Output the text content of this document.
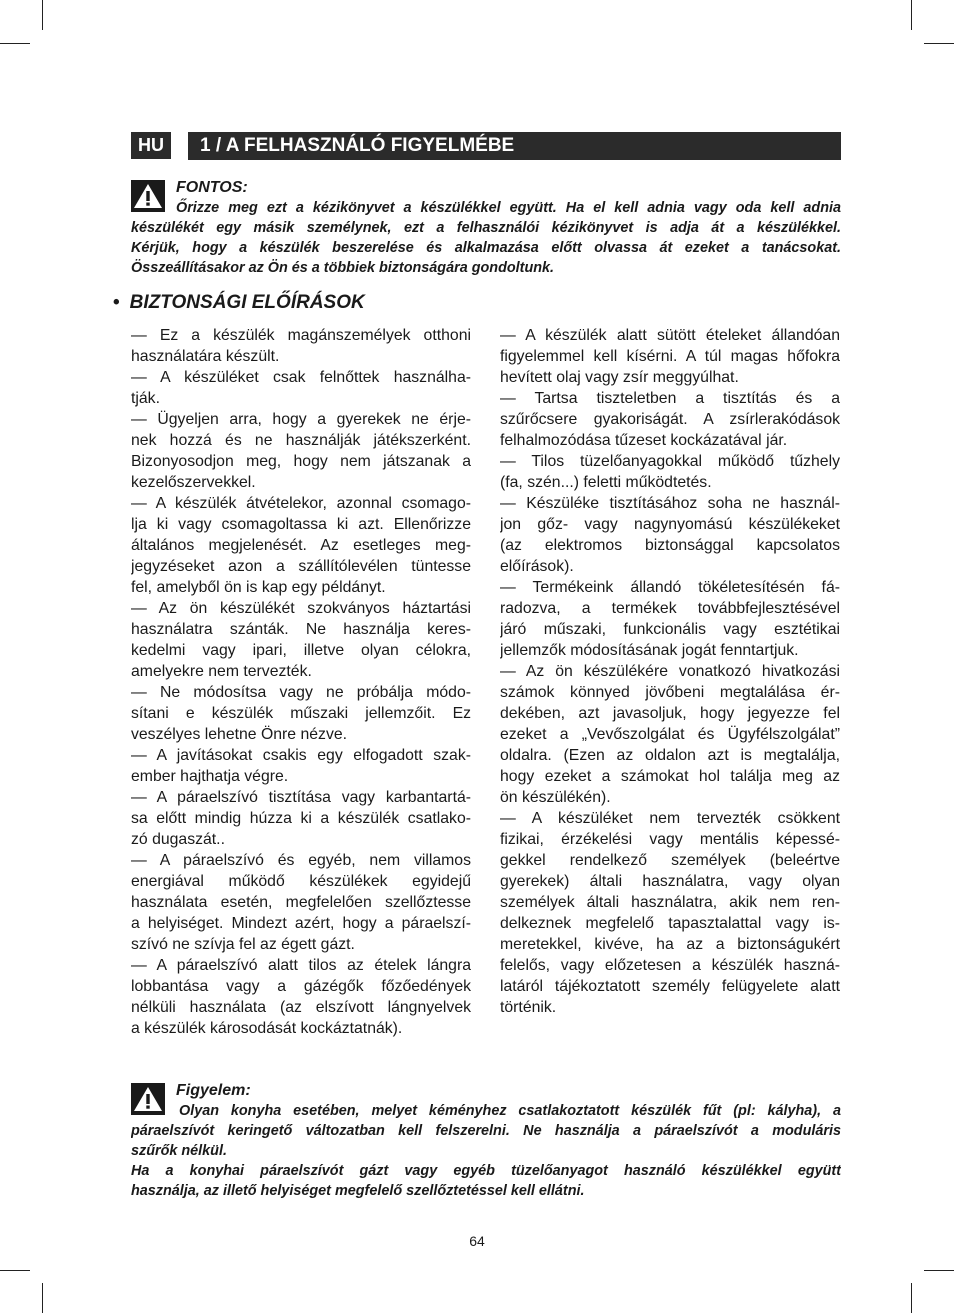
HU	1 / A FELHASZNÁLÓ FIGYELMÉBE
FONTOS:
Őrizze meg ezt a kézikönyvet a készülékkel együtt. Ha el kell adnia vagy oda kell adnia
készülékét egy másik személynek, ezt a felhasználói kézikönyvet is adja át a készülékkel.
Kérjük, hogy a készülék beszerelése és alkalmazása előtt olvassa át ezeket a tanácsokat.
Összeállításakor az Ön és a többiek biztonságára gondoltunk.
• BIZTONSÁGI ELŐÍRÁSOK
— Ez a készülék magánszemélyek otthoni
használatára készült.
— A készüléket csak felnőttek használha-
tják.
— Ügyeljen arra, hogy a gyerekek ne érje-
nek hozzá és ne használják játékszerként.
Bizonyosodjon meg, hogy nem játszanak a
kezelőszervekkel.
— A készülék átvételekor, azonnal csomago-
lja ki vagy csomagoltassa ki azt. Ellenőrizze
általános megjelenését. Az esetleges meg-
jegyzéseket azon a szállítólevélen tüntesse
fel, amelyből ön is kap egy példányt.
— Az ön készülékét szokványos háztartási
használatra szánták. Ne használja keres-
kedelmi vagy ipari, illetve olyan célokra,
amelyekre nem tervezték.
— Ne módosítsa vagy ne próbálja módo-
sítani e készülék műszaki jellemzőit. Ez
veszélyes lehetne Önre nézve.
— A javításokat csakis egy elfogadott szak-
ember hajthatja végre.
— A páraelszívó tisztítása vagy karbantartá-
sa előtt mindig húzza ki a készülék csatlako-
zó dugaszát..
— A páraelszívó és egyéb, nem villamos
energiával működő készülékek egyidejű
használata esetén, megfelelően szellőztesse
a helyiséget. Mindezt azért, hogy a páraelszí-
szívó ne szívja fel az égett gázt.
— A páraelszívó alatt tilos az ételek lángra
lobbantása vagy a gázégők főzőedények
nélküli használata (az elszívott lángnyelvek
a készülék károsodását kockáztatnák).
— A készülék alatt sütött ételeket állandóan
figyelemmel kell kísérni. A túl magas hőfokra
hevített olaj vagy zsír meggyúlhat.
— Tartsa tiszteletben a tisztítás és a
szűrőcsere gyakoriságát. A zsírlerakódások
felhalmozódása tűzeset kockázatával jár.
— Tilos tüzelőanyagokkal működő tűzhely
(fa, szén...) feletti működtetés.
— Készüléke tisztításához soha ne használ-
jon gőz- vagy nagynyomású készülékeket
(az elektromos biztonsággal kapcsolatos
előírások).
— Termékeink állandó tökéletesítésén fá-
radozva, a termékek továbbfejlesztésével
járó műszaki, funkcionális vagy esztétikai
jellemzők módosításának jogát fenntartjuk.
— Az ön készülékére vonatkozó hivatkozási
számok könnyed jövőbeni megtalálása ér-
dekében, azt javasoljuk, hogy jegyezze fel
ezeket a „Vevőszolgálat és Ügyfélszolgálat”
oldalra. (Ezen az oldalon azt is megtalálja,
hogy ezeket a számokat hol találja meg az
ön készülékén).
— A készüléket nem tervezték csökkent
fizikai, érzékelési vagy mentális képessé-
gekkel rendelkező személyek (beleértve
gyerekek) általi használatra, vagy olyan
személyek általi használatra, akik nem ren-
delkeznek megfelelő tapasztalattal vagy is-
meretekkel, kivéve, ha az a biztonságukért
felelős, vagy előzetesen a készülék haszná-
latáról tájékoztatott személy felügyelete alatt
történik.
Figyelem:
Olyan konyha esetében, melyet kéményhez csatlakoztatott készülék fűt (pl: kályha), a
páraelszívót keringető változatban kell felszerelni. Ne használja a páraelszívót a moduláris
szűrők nélkül.
Ha a konyhai páraelszívót gázt vagy egyéb tüzelőanyagot használó készülékkel együtt
használja, az illető helyiséget megfelelő szellőztetéssel kell ellátni.
64
